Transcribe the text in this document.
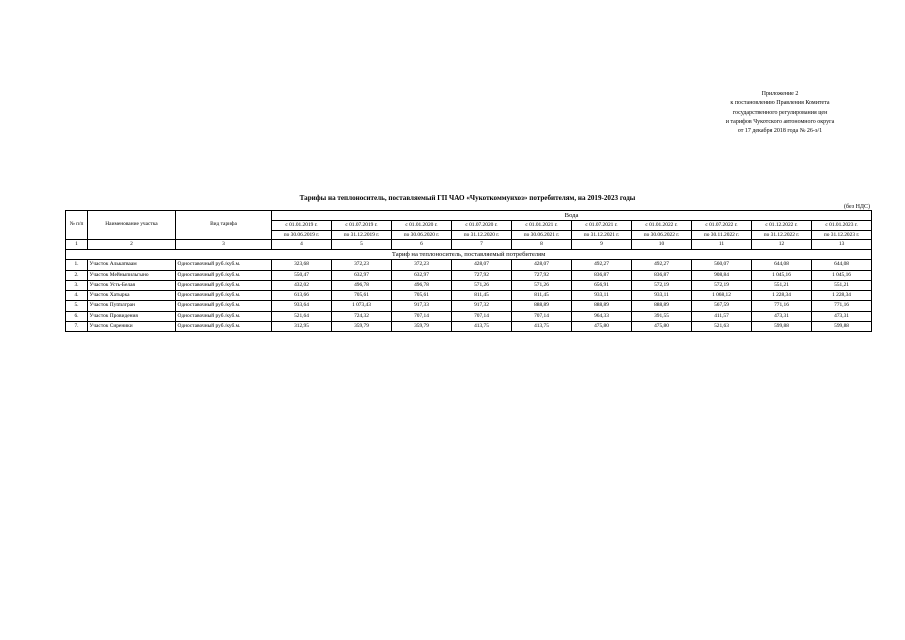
Приложение 2
к постановлению Правления Комитета
государственного регулирования цен
и тарифов Чукотского автономного округа
от 17 декабря 2018 года № 26-э/1
Тарифы на теплоноситель, поставляемый ГП ЧАО «Чукоткоммунхоз» потребителям, на 2019-2023 годы
(без НДС)
№ п/п	Наименование участка	Вид тарифа	Вода									
			с 01.01.2019 г.	с 01.07.2019 г.	с 01.01.2020 г.	с 01.07.2020 г.	с 01.01.2021 г.	с 01.07.2021 г.	с 01.01.2022 г.	с 01.07.2022 г.	с 01.12.2022 г.	с 01.01.2023 г.
			по 30.06.2019 г.	по 31.12.2019 г.	по 30.06.2020 г.	по 31.12.2020 г.	по 30.06.2021 г.	по 31.12.2021 г.	по 30.06.2022 г.	по 30.11.2022 г.	по 31.12.2022 г.	по 31.12.2023 г.
1	2	3	4	5	6	7	8	9	10	11	12	13
Тариф на теплоноситель, поставляемый потребителям												
1.	Участок Алькатваам	Одноставочный руб./куб.м.	323,68	372,23	372,23	428,07	428,07	492,27	492,27	560,07	644,08	644,08
2.	Участок Мейныпильгыно	Одноставочный руб./куб.м.	550,47	632,97	632,97	727,92	727,92	836,87	836,87	908,84	1 045,16	1 045,16
3.	Участок Усть-Белая	Одноставочный руб./куб.м.	432,02	496,78	496,78	571,26	571,26	656,91	572,19	572,19	551,21	551,21
4.	Участок Хатырка	Одноставочный руб./куб.м.	613,66	705,61	705,61	811,45	811,45	933,11	933,11	1 068,12	1 228,34	1 228,34
5.	Участок Пуtmлгран	Одноставочный руб./куб.м.	933,64	1 073,43	917,33	917,32	888,89	888,89	888,89	567,59	771,16	771,16
6.	Участок Провидения	Одноставочный руб./куб.м.	521,64	724,32	707,14	707,14	707,14	964,33	391,55	411,57	473,31	473,31
7.	Участок Сиреники	Одноставочный руб./куб.м.	312,95	359,79	359,79	413,75	413,75	475,80	475,80	521,63	599,88	599,88
